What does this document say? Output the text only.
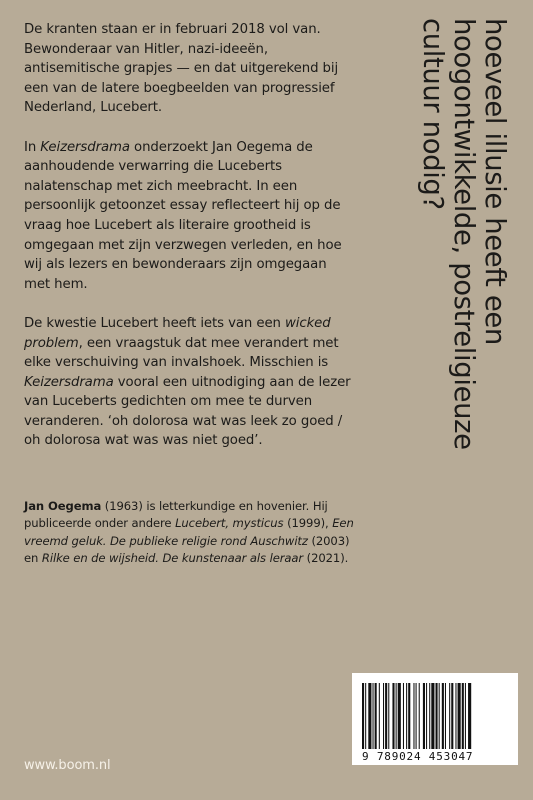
De kranten staan er in februari 2018 vol van. Bewonderaar van Hitler, nazi-ideeën, antisemitische grapjes — en dat uitgerekend bij een van de latere boegbeelden van progressief Nederland, Lucebert.

In Keizersdrama onderzoekt Jan Oegema de aanhoudende verwarring die Luceberts nalatenschap met zich meebracht. In een persoonlijk getoonzet essay reflecteert hij op de vraag hoe Lucebert als literaire grootheid is omgegaan met zijn verzwegen verleden, en hoe wij als lezers en bewonderaars zijn omgegaan met hem.

De kwestie Lucebert heeft iets van een wicked problem, een vraagstuk dat mee verandert met elke verschuiving van invalshoek. Misschien is Keizersdrama vooral een uitnodiging aan de lezer van Luceberts gedichten om mee te durven veranderen. ‘oh dolorosa wat was leek zo goed / oh dolorosa wat was was niet goed’.

Jan Oegema (1963) is letterkundige en hovenier. Hij publiceerde onder andere Lucebert, mysticus (1999), Een vreemd geluk. De publieke religie rond Auschwitz (2003) en Rilke en de wijsheid. De kunstenaar als leraar (2021).
hoeveel illusie heeft een
hoogontwikkelde, postreligieuze
cultuur nodig?
9 789024 453047
www.boom.nl
